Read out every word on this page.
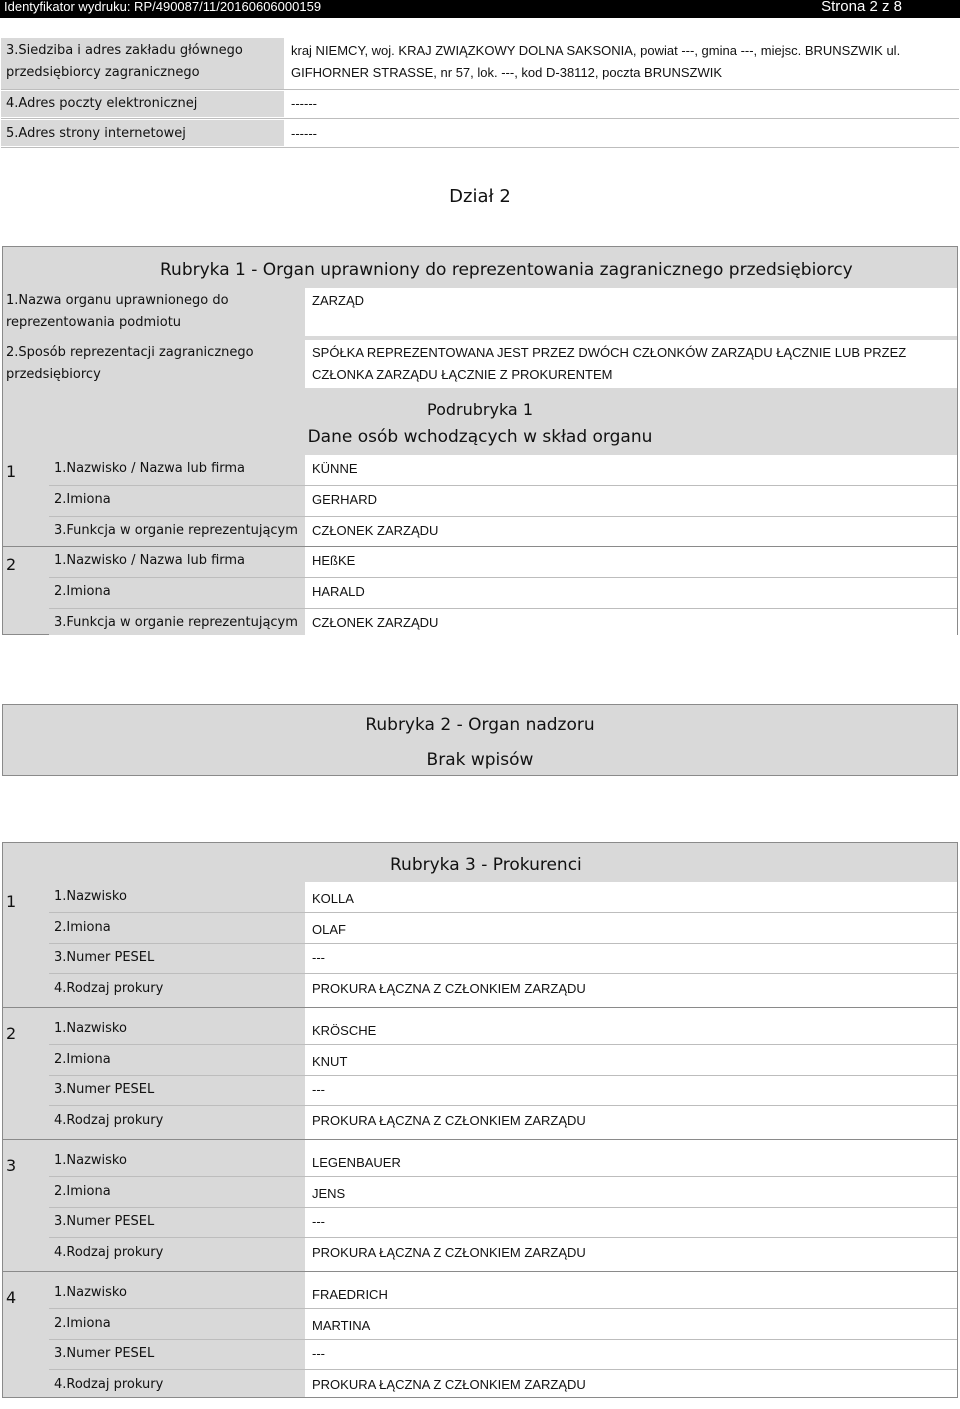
Identyfikator wydruku: RP/490087/11/20160606000159	Strona 2 z 8
3.Siedziba i adres zakładu głównego
przedsiębiorcy zagranicznego
kraj NIEMCY, woj. KRAJ ZWIĄZKOWY DOLNA SAKSONIA, powiat ---, gmina ---, miejsc. BRUNSZWIK ul.
GIFHORNER STRASSE, nr 57, lok. ---, kod D-38112, poczta BRUNSZWIK
4.Adres poczty elektronicznej	------
5.Adres strony internetowej	------
Dział 2
Rubryka 1 - Organ uprawniony do reprezentowania zagranicznego przedsiębiorcy
1.Nazwa organu uprawnionego do
reprezentowania podmiotu
ZARZĄD
2.Sposób reprezentacji zagranicznego
przedsiębiorcy
SPÓŁKA REPREZENTOWANA JEST PRZEZ DWÓCH CZŁONKÓW ZARZĄDU ŁĄCZNIE LUB PRZEZ
CZŁONKA ZARZĄDU ŁĄCZNIE Z PROKURENTEM
Podrubryka 1
Dane osób wchodzących w skład organu
1	1.Nazwisko / Nazwa lub firma	KÜNNE
2.Imiona	GERHARD
3.Funkcja w organie reprezentującym CZŁONEK ZARZĄDU
2	1.Nazwisko / Nazwa lub firma	HEßKE
2.Imiona	HARALD
3.Funkcja w organie reprezentującym CZŁONEK ZARZĄDU
Rubryka 2 - Organ nadzoru
Brak wpisów
Rubryka 3 - Prokurenci
1	1.Nazwisko	KOLLA
2.Imiona	OLAF
3.Numer PESEL	---
4.Rodzaj prokury	PROKURA ŁĄCZNA Z CZŁONKIEM ZARZĄDU
2	1.Nazwisko	KRÖSCHE
2.Imiona	KNUT
3.Numer PESEL	---
4.Rodzaj prokury	PROKURA ŁĄCZNA Z CZŁONKIEM ZARZĄDU
3	1.Nazwisko	LEGENBAUER
2.Imiona	JENS
3.Numer PESEL	---
4.Rodzaj prokury	PROKURA ŁĄCZNA Z CZŁONKIEM ZARZĄDU
4	1.Nazwisko	FRAEDRICH
2.Imiona	MARTINA
3.Numer PESEL	---
4.Rodzaj prokury	PROKURA ŁĄCZNA Z CZŁONKIEM ZARZĄDU
